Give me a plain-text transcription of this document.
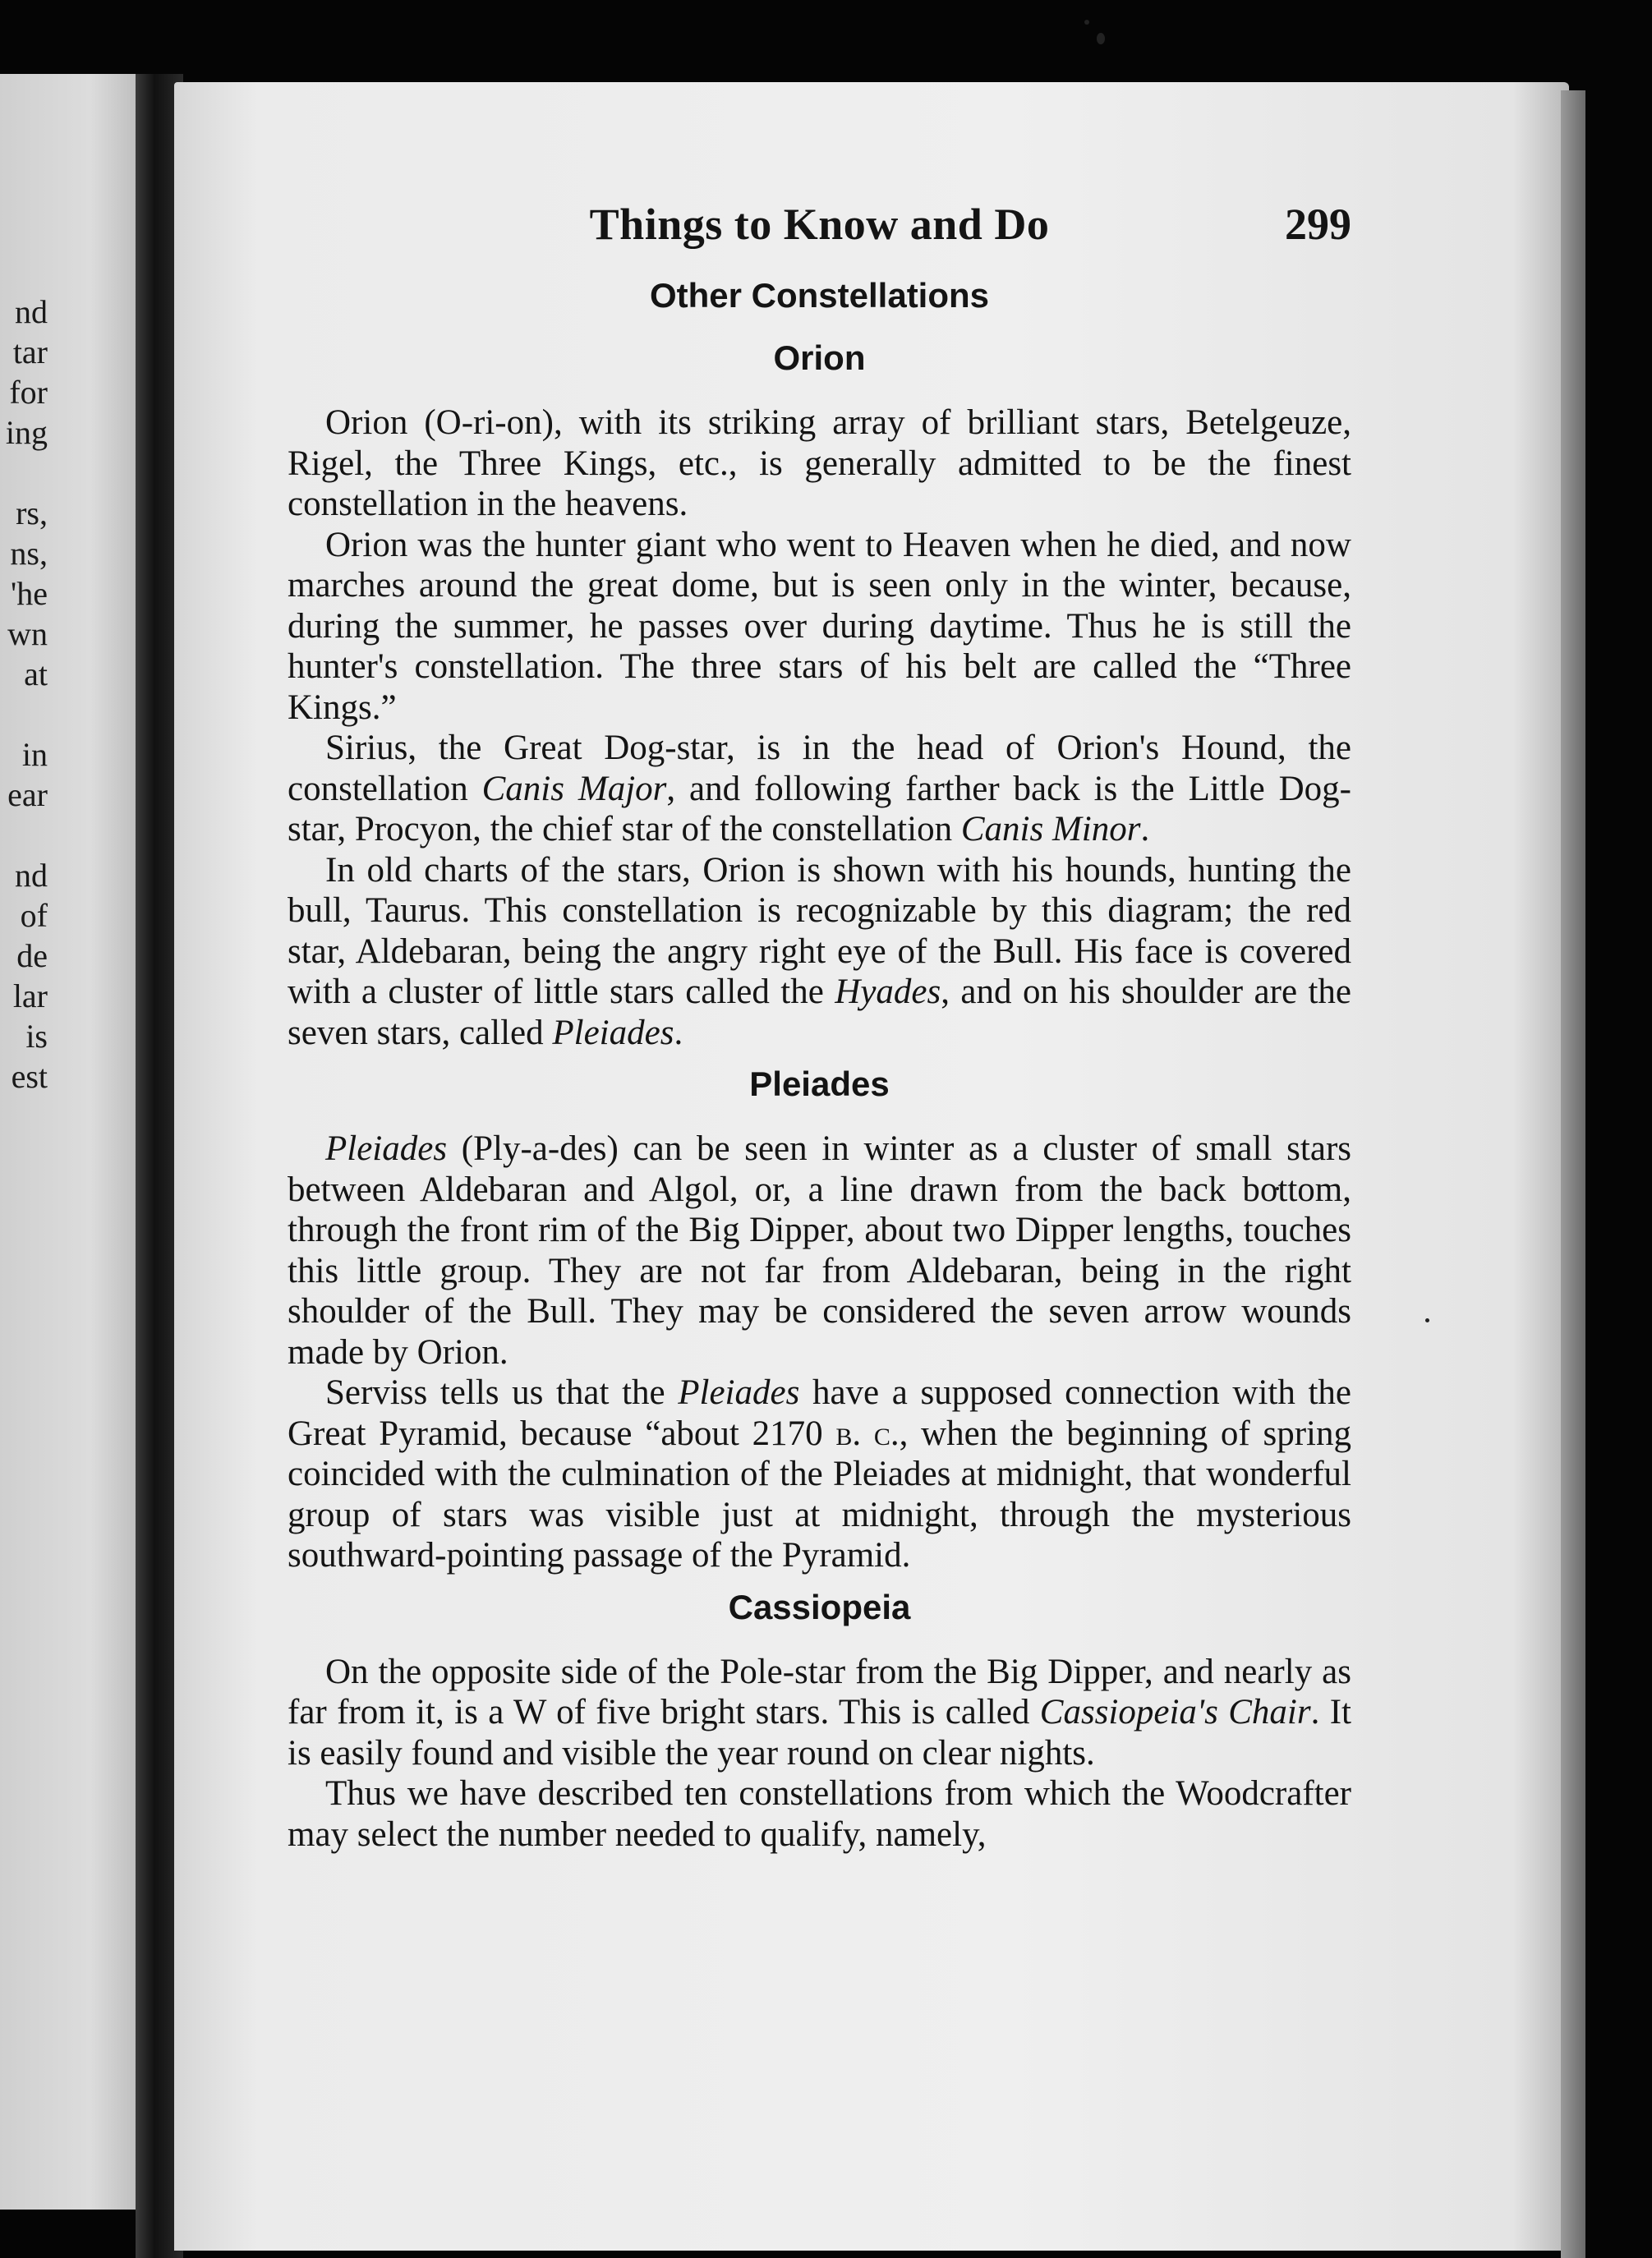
nd
tar
for
ing
rs,
ns,
'he
wn
at
in
ear
nd
of
de
lar
is
est
Things to Know and Do	299
Other Constellations
Orion

Orion (O-ri-on), with its striking array of brilliant stars, Betelgeuze, Rigel, the Three Kings, etc., is generally admitted to be the finest constellation in the heavens.

Orion was the hunter giant who went to Heaven when he died, and now marches around the great dome, but is seen only in the winter, because, during the summer, he passes over during daytime. Thus he is still the hunter's constellation. The three stars of his belt are called the “Three Kings.”

Sirius, the Great Dog-star, is in the head of Orion's Hound, the constellation Canis Major, and following farther back is the Little Dog-star, Procyon, the chief star of the constellation Canis Minor.

In old charts of the stars, Orion is shown with his hounds, hunting the bull, Taurus. This constellation is recognizable by this diagram; the red star, Aldebaran, being the angry right eye of the Bull. His face is covered with a cluster of little stars called the Hyades, and on his shoulder are the seven stars, called Pleiades.

Pleiades

Pleiades (Ply-a-des) can be seen in winter as a cluster of small stars between Aldebaran and Algol, or, a line drawn from the back bottom, through the front rim of the Big Dipper, about two Dipper lengths, touches this little group. They are not far from Aldebaran, being in the right shoulder of the Bull. They may be considered the seven arrow wounds made by Orion.

Serviss tells us that the Pleiades have a supposed connection with the Great Pyramid, because “about 2170 b. c., when the beginning of spring coincided with the culmination of the Pleiades at midnight, that wonderful group of stars was visible just at midnight, through the mysterious southward-pointing passage of the Pyramid.

Cassiopeia

On the opposite side of the Pole-star from the Big Dipper, and nearly as far from it, is a W of five bright stars. This is called Cassiopeia's Chair. It is easily found and visible the year round on clear nights.

Thus we have described ten constellations from which the Woodcrafter may select the number needed to qualify, namely,
